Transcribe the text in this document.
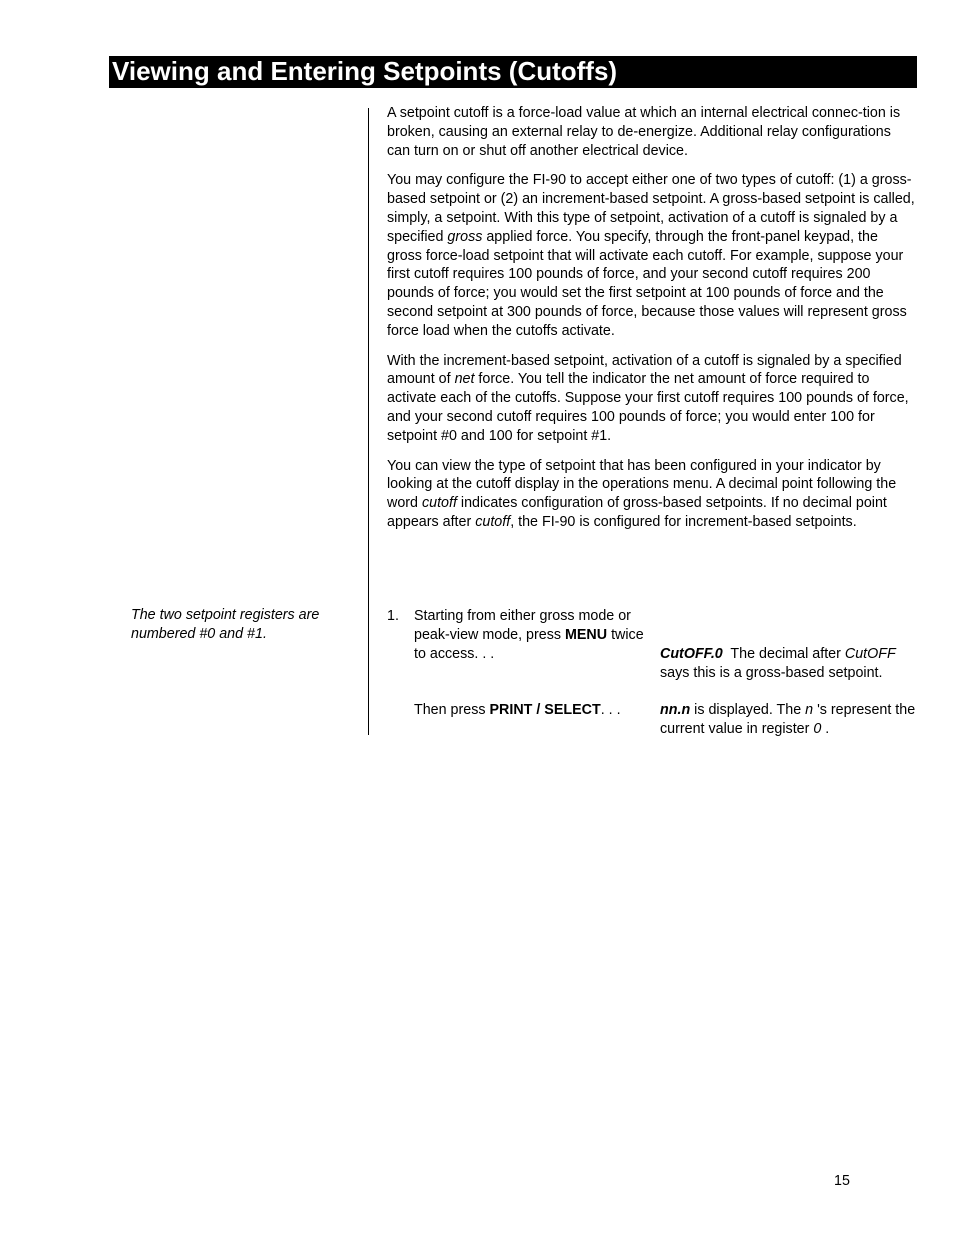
Viewing and Entering Setpoints (Cutoffs)

A setpoint cutoff is a force-load value at which an internal electrical connec-tion is broken, causing an external relay to de-energize. Additional relay configurations can turn on or shut off another electrical device.

You may configure the FI-90 to accept either one of two types of cutoff: (1) a gross-based setpoint or (2) an increment-based setpoint. A gross-based setpoint is called, simply, a setpoint. With this type of setpoint, activation of a cutoff is signaled by a specified gross applied force. You specify, through the front-panel keypad, the gross force-load setpoint that will activate each cutoff. For example, suppose your first cutoff requires 100 pounds of force, and your second cutoff requires 200 pounds of force; you would set the first setpoint at 100 pounds of force and the second setpoint at 300 pounds of force, because those values will represent gross force load when the cutoffs activate.

With the increment-based setpoint, activation of a cutoff is signaled by a specified amount of net force. You tell the indicator the net amount of force required to activate each of the cutoffs. Suppose your first cutoff requires 100 pounds of force, and your second cutoff requires 100 pounds of force; you would enter 100 for setpoint #0 and 100 for setpoint #1.

You can view the type of setpoint that has been configured in your indicator by looking at the cutoff display in the operations menu. A decimal point following the word cutoff indicates configuration of gross-based setpoints. If no decimal point appears after cutoff, the FI-90 is configured for increment-based setpoints.

The two setpoint registers are numbered #0 and #1.
1. Starting from either gross mode or peak-view mode, press MENU twice to access. . .	CutOFF.0  The decimal after CutOFF says this is a gross-based setpoint.
Then press PRINT / SELECT. . .	nn.n is displayed. The n 's represent the current value in register 0 .
15
